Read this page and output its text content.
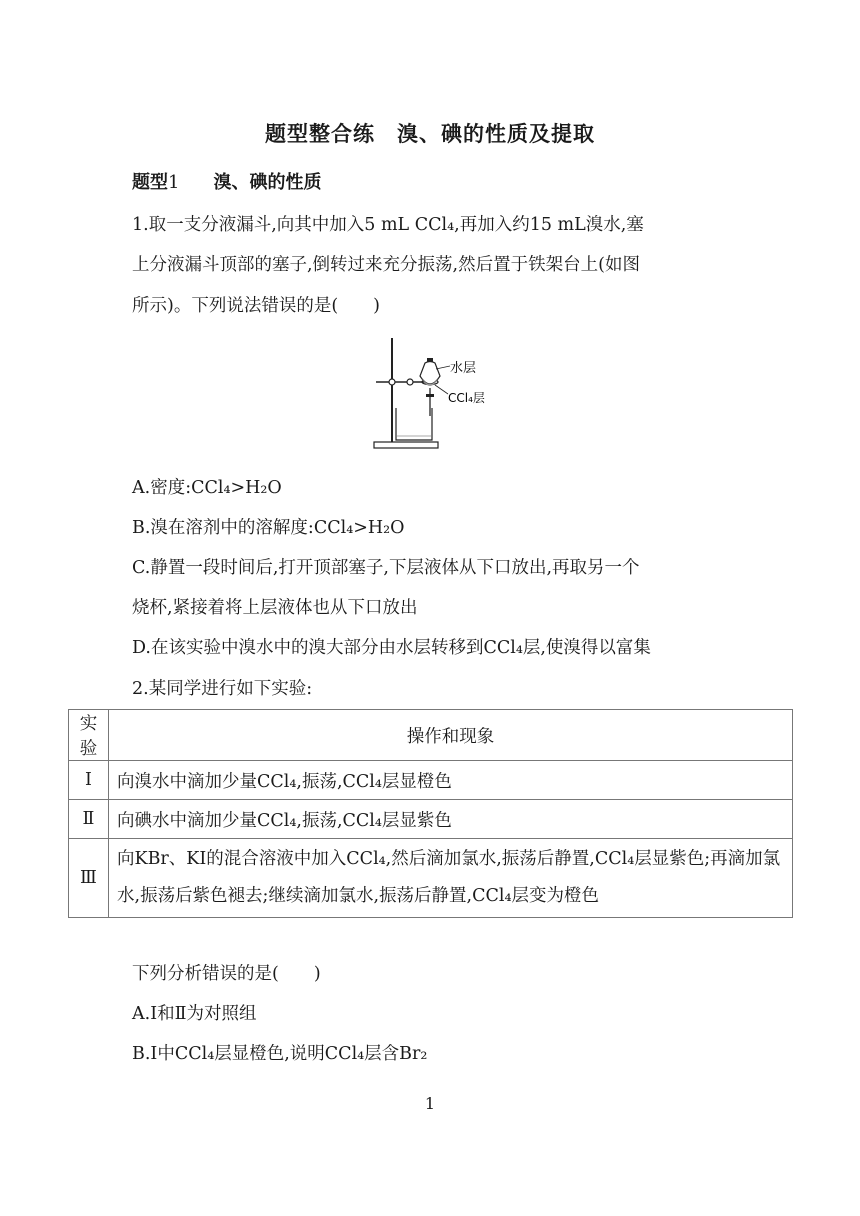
题型整合练　溴、碘的性质及提取
题型1 溴、碘的性质
1.取一支分液漏斗,向其中加入5 mL CCl₄,再加入约15 mL溴水,塞
上分液漏斗顶部的塞子,倒转过来充分振荡,然后置于铁架台上(如图
所示)。下列说法错误的是(　　)
水层
CCl₄层
A.密度:CCl₄>H₂O
B.溴在溶剂中的溶解度:CCl₄>H₂O
C.静置一段时间后,打开顶部塞子,下层液体从下口放出,再取另一个
烧杯,紧接着将上层液体也从下口放出
D.在该实验中溴水中的溴大部分由水层转移到CCl₄层,使溴得以富集
2.某同学进行如下实验:
实验	操作和现象
Ⅰ	向溴水中滴加少量CCl₄,振荡,CCl₄层显橙色
Ⅱ	向碘水中滴加少量CCl₄,振荡,CCl₄层显紫色
Ⅲ	向KBr、KI的混合溶液中加入CCl₄,然后滴加氯水,振荡后静置,CCl₄层显紫色;再滴加氯水,振荡后紫色褪去;继续滴加氯水,振荡后静置,CCl₄层变为橙色
下列分析错误的是(　　)
A.Ⅰ和Ⅱ为对照组
B.Ⅰ中CCl₄层显橙色,说明CCl₄层含Br₂
1
